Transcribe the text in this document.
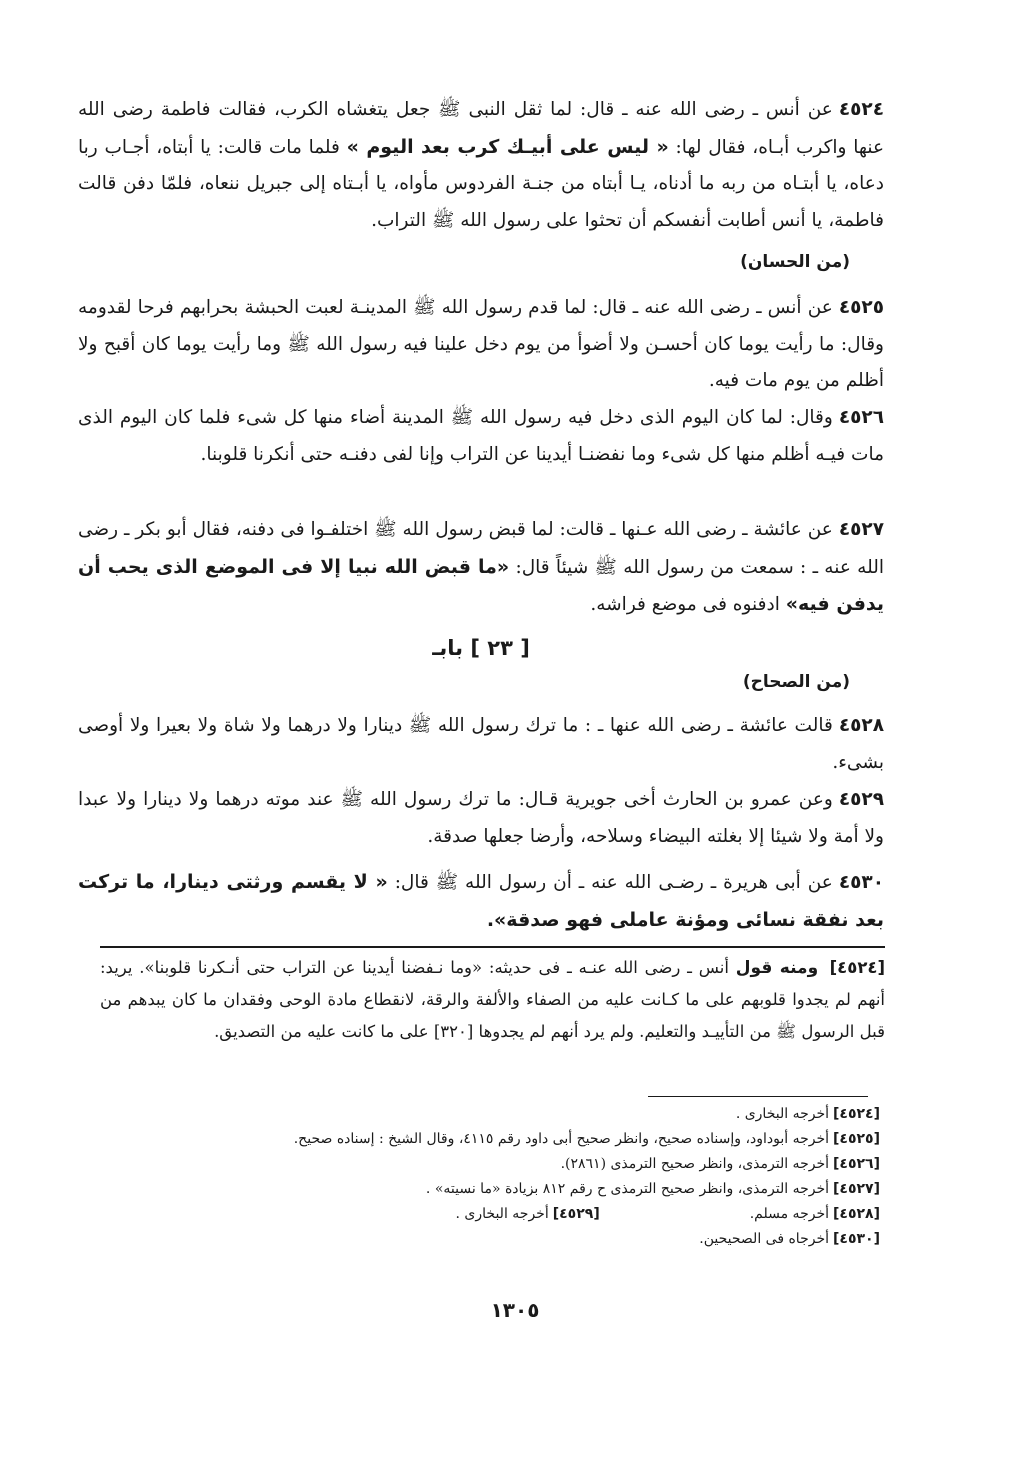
٤٥٢٤عن أنس ـ رضى الله عنه ـ قال: لما ثقل النبى ﷺ جعل يتغشاه الكرب، فقالت فاطمة رضى الله عنها واكرب أبـاه، فقال لها: « ليس على أبيـك كرب بعد اليوم » فلما مات قالت: يا أبتاه، أجـاب ربا دعاه، يا أبتـاه من ربه ما أدناه، يـا أبتاه من جنـة الفردوس مأواه، يا أبـتاه إلى جبريل ننعاه، فلمّا دفن قالت فاطمة، يا أنس أطابت أنفسكم أن تحثوا على رسول الله ﷺ التراب.
(من الحسان)
٤٥٢٥عن أنس ـ رضى الله عنه ـ قال: لما قدم رسول الله ﷺ المدينـة لعبت الحبشة بحرابهم فرحا لقدومه وقال: ما رأيت يوما كان أحسـن ولا أضوأ من يوم دخل علينا فيه رسول الله ﷺ وما رأيت يوما كان أقبح ولا أظلم من يوم مات فيه.
٤٥٢٦وقال: لما كان اليوم الذى دخل فيه رسول الله ﷺ المدينة أضاء منها كل شىء فلما كان اليوم الذى مات فيـه أظلم منها كل شىء وما نفضنـا أيدينا عن التراب وإنا لفى دفنـه حتى أنكرنا قلوبنا.
٤٥٢٧عن عائشة ـ رضى الله عـنها ـ قالت: لما قبض رسول الله ﷺ اختلفـوا فى دفنه، فقال أبو بكر ـ رضى الله عنه ـ : سمعت من رسول الله ﷺ شيئاً قال: «ما قبض الله نبيا إلا فى الموضع الذى يحب أن يدفن فيه» ادفنوه فى موضع فراشه.
[ ٢٣ ] بابـ
(من الصحاح)
٤٥٢٨قالت عائشة ـ رضى الله عنها ـ : ما ترك رسول الله ﷺ دينارا ولا درهما ولا شاة ولا بعيرا ولا أوصى بشىء.
٤٥٢٩وعن عمرو بن الحارث أخى جويرية قـال: ما ترك رسول الله ﷺ عند موته درهما ولا دينارا ولا عبدا ولا أمة ولا شيئا إلا بغلته البيضاء وسلاحه، وأرضا جعلها صدقة.
٤٥٣٠عن أبى هريرة ـ رضـى الله عنه ـ أن رسول الله ﷺ قال: « لا يقسم ورثتى دينارا، ما تركت بعد نفقة نسائى ومؤنة عاملى فهو صدقة».
[٤٥٢٤] ومنه قول أنس ـ رضى الله عنـه ـ فى حديثه: «وما نـفضنا أيدينا عن التراب حتى أنـكرنا قلوبنا». يريد: أنهم لم يجدوا قلوبهم على ما كـانت عليه من الصفاء والألفة والرقة، لانقطاع مادة الوحى وفقدان ما كان يبدهم من قبل الرسول ﷺ من التأييـد والتعليم. ولم يرد أنهم لم يجدوها [٣٢٠] على ما كانت عليه من التصديق.
[٤٥٢٤]أخرجه البخارى .
[٤٥٢٥]أخرجه أبوداود، وإسناده صحيح، وانظر صحيح أبى داود رقم ٤١١٥، وقال الشيخ : إسناده صحيح.
[٤٥٢٦]أخرجه الترمذى، وانظر صحيح الترمذى (٢٨٦١).
[٤٥٢٧]أخرجه الترمذى، وانظر صحيح الترمذى ح رقم ٨١٢ بزيادة «ما نسيته» .
[٤٥٢٨]أخرجه مسلم.[٤٥٢٩]أخرجه البخارى .
[٤٥٣٠]أخرجاه فى الصحيحين.
١٣٠٥
